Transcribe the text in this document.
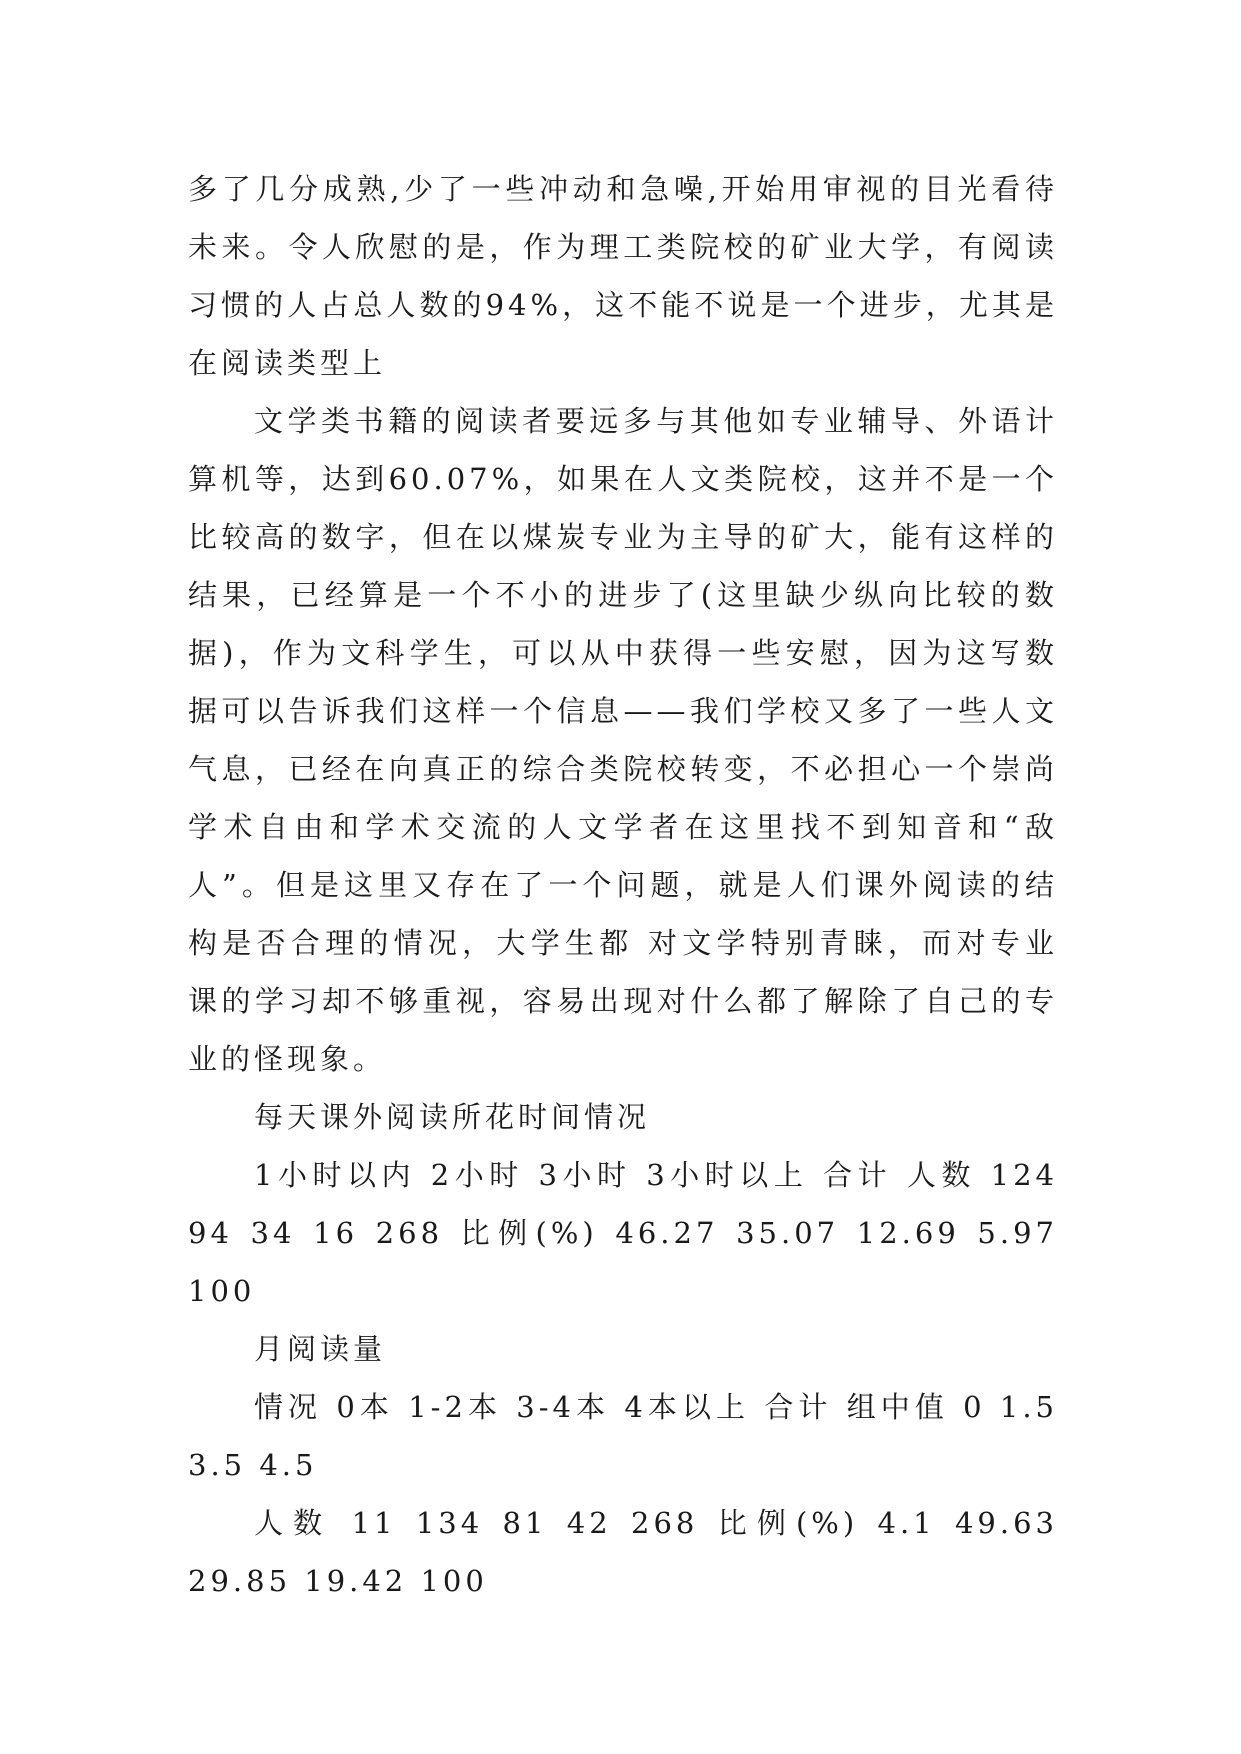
多了几分成熟,少了一些冲动和急噪,开始用审视的目光看待未来。令人欣慰的是，作为理工类院校的矿业大学，有阅读习惯的人占总人数的94%，这不能不说是一个进步，尤其是在阅读类型上

文学类书籍的阅读者要远多与其他如专业辅导、外语计算机等，达到60.07%，如果在人文类院校，这并不是一个比较高的数字，但在以煤炭专业为主导的矿大，能有这样的结果，已经算是一个不小的进步了(这里缺少纵向比较的数据)，作为文科学生，可以从中获得一些安慰，因为这写数据可以告诉我们这样一个信息——我们学校又多了一些人文气息，已经在向真正的综合类院校转变，不必担心一个崇尚学术自由和学术交流的人文学者在这里找不到知音和“敌人”。但是这里又存在了一个问题，就是人们课外阅读的结构是否合理的情况，大学生都 对文学特别青睐，而对专业课的学习却不够重视，容易出现对什么都了解除了自己的专业的怪现象。

每天课外阅读所花时间情况

1小时以内 2小时 3小时 3小时以上 合计 人数 124 94 34 16 268 比例(%) 46.27 35.07 12.69 5.97 100

月阅读量

情况 0本 1-2本 3-4本 4本以上 合计 组中值 0 1.5 3.5 4.5

人数 11 134 81 42 268 比例(%) 4.1 49.63 29.85 19.42 100
